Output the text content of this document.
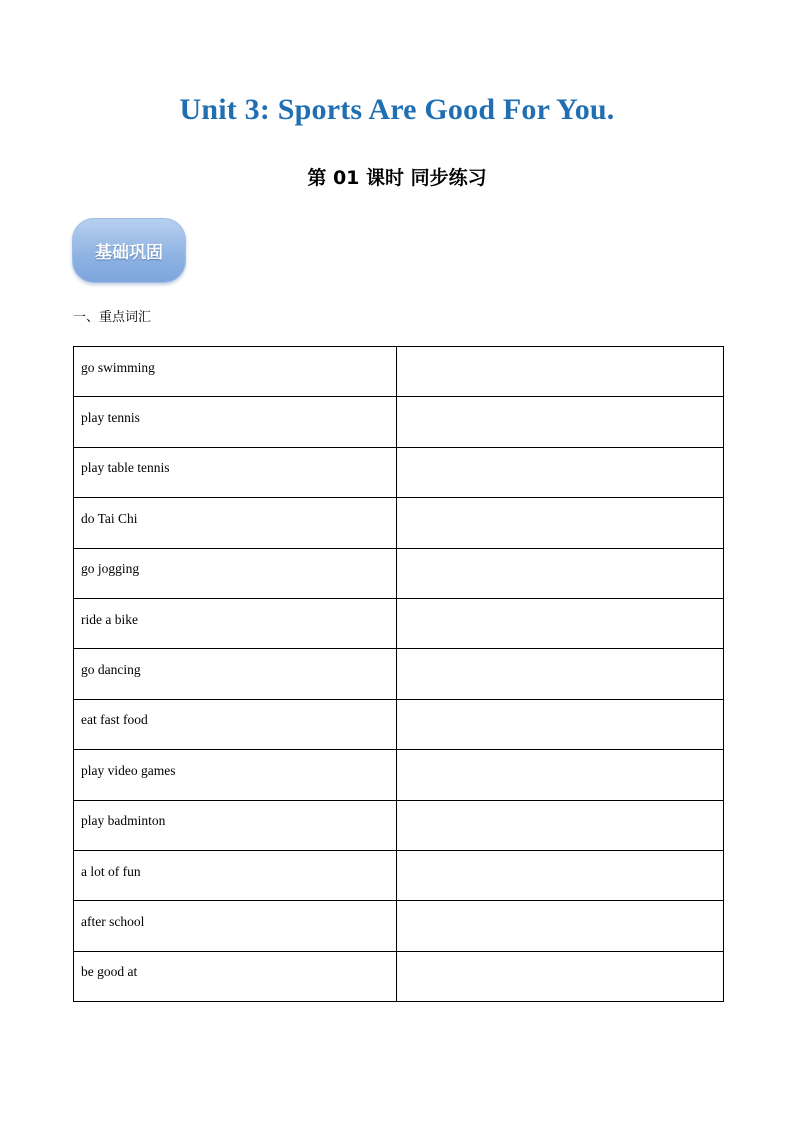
Unit 3: Sports Are Good For You.
第 01 课时 同步练习
基础巩固
一、重点词汇
go swimming	
play tennis	
play table tennis	
do Tai Chi	
go jogging	
ride a bike	
go dancing	
eat fast food	
play video games	
play badminton	
a lot of fun	
after school	
be good at	
